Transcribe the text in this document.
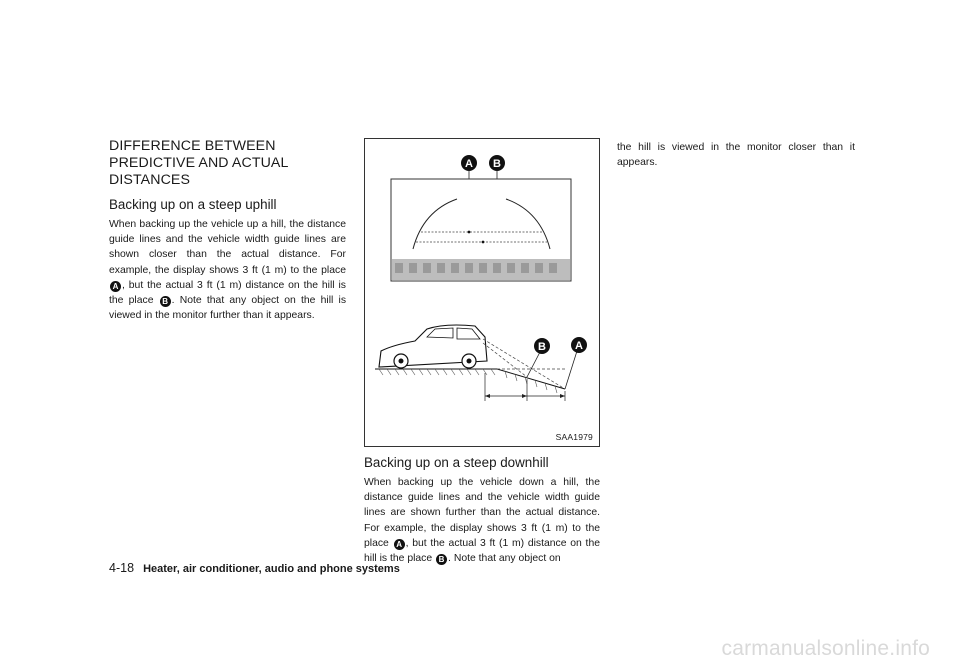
DIFFERENCE BETWEEN PREDICTIVE AND ACTUAL DISTANCES
Backing up on a steep uphill

When backing up the vehicle up a hill, the distance guide lines and the vehicle width guide lines are shown closer than the actual distance. For example, the display shows 3 ft (1 m) to the place A , but the actual 3 ft (1 m) distance on the hill is the place B . Note that any object on the hill is viewed in the monitor further than it appears.

A B
B	A
SAA1979
Backing up on a steep downhill

When backing up the vehicle down a hill, the distance guide lines and the vehicle width guide lines are shown further than the actual distance. For example, the display shows 3 ft (1 m) to the place A , but the actual 3 ft (1 m) distance on the hill is the place B . Note that any object on

the hill is viewed in the monitor closer than it appears.

4-18 Heater, air conditioner, audio and phone systems
carmanualsonline.info
